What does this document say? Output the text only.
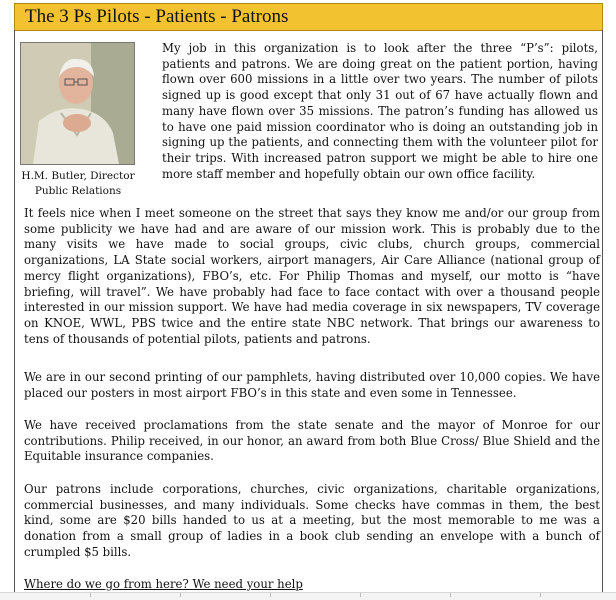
The 3 Ps Pilots - Patients - Patrons
H.M. Butler, Director
Public Relations

My job in this organization is to look after the three “P’s”: pilots, patients and patrons. We are doing great on the patient portion, having flown over 600 missions in a little over two years. The number of pilots signed up is good except that only 31 out of 67 have actually flown and many have flown over 35 missions. The patron’s funding has allowed us to have one paid mission coordinator who is doing an outstanding job in signing up the patients, and connecting them with the volunteer pilot for their trips. With increased patron support we might be able to hire one more staff member and hopefully obtain our own office facility.

It feels nice when I meet someone on the street that says they know me and/or our group from some publicity we have had and are aware of our mission work. This is probably due to the many visits we have made to social groups, civic clubs, church groups, commercial organizations, LA State social workers, airport managers, Air Care Alliance (national group of mercy flight organizations), FBO’s, etc. For Philip Thomas and myself, our motto is “have briefing, will travel”. We have probably had face to face contact with over a thousand people interested in our mission support. We have had media coverage in six newspapers, TV coverage on KNOE, WWL, PBS twice and the entire state NBC network. That brings our awareness to tens of thousands of potential pilots, patients and patrons.

We are in our second printing of our pamphlets, having distributed over 10,000 copies. We have placed our posters in most airport FBO’s in this state and even some in Tennessee.

We have received proclamations from the state senate and the mayor of Monroe for our contributions. Philip received, in our honor, an award from both Blue Cross/ Blue Shield and the Equitable insurance companies.

Our patrons include corporations, churches, civic organizations, charitable organizations, commercial businesses, and many individuals. Some checks have commas in them, the best kind, some are $20 bills handed to us at a meeting, but the most memorable to me was a donation from a small group of ladies in a book club sending an envelope with a bunch of crumpled $5 bills.

Where do we go from here? We need your help
